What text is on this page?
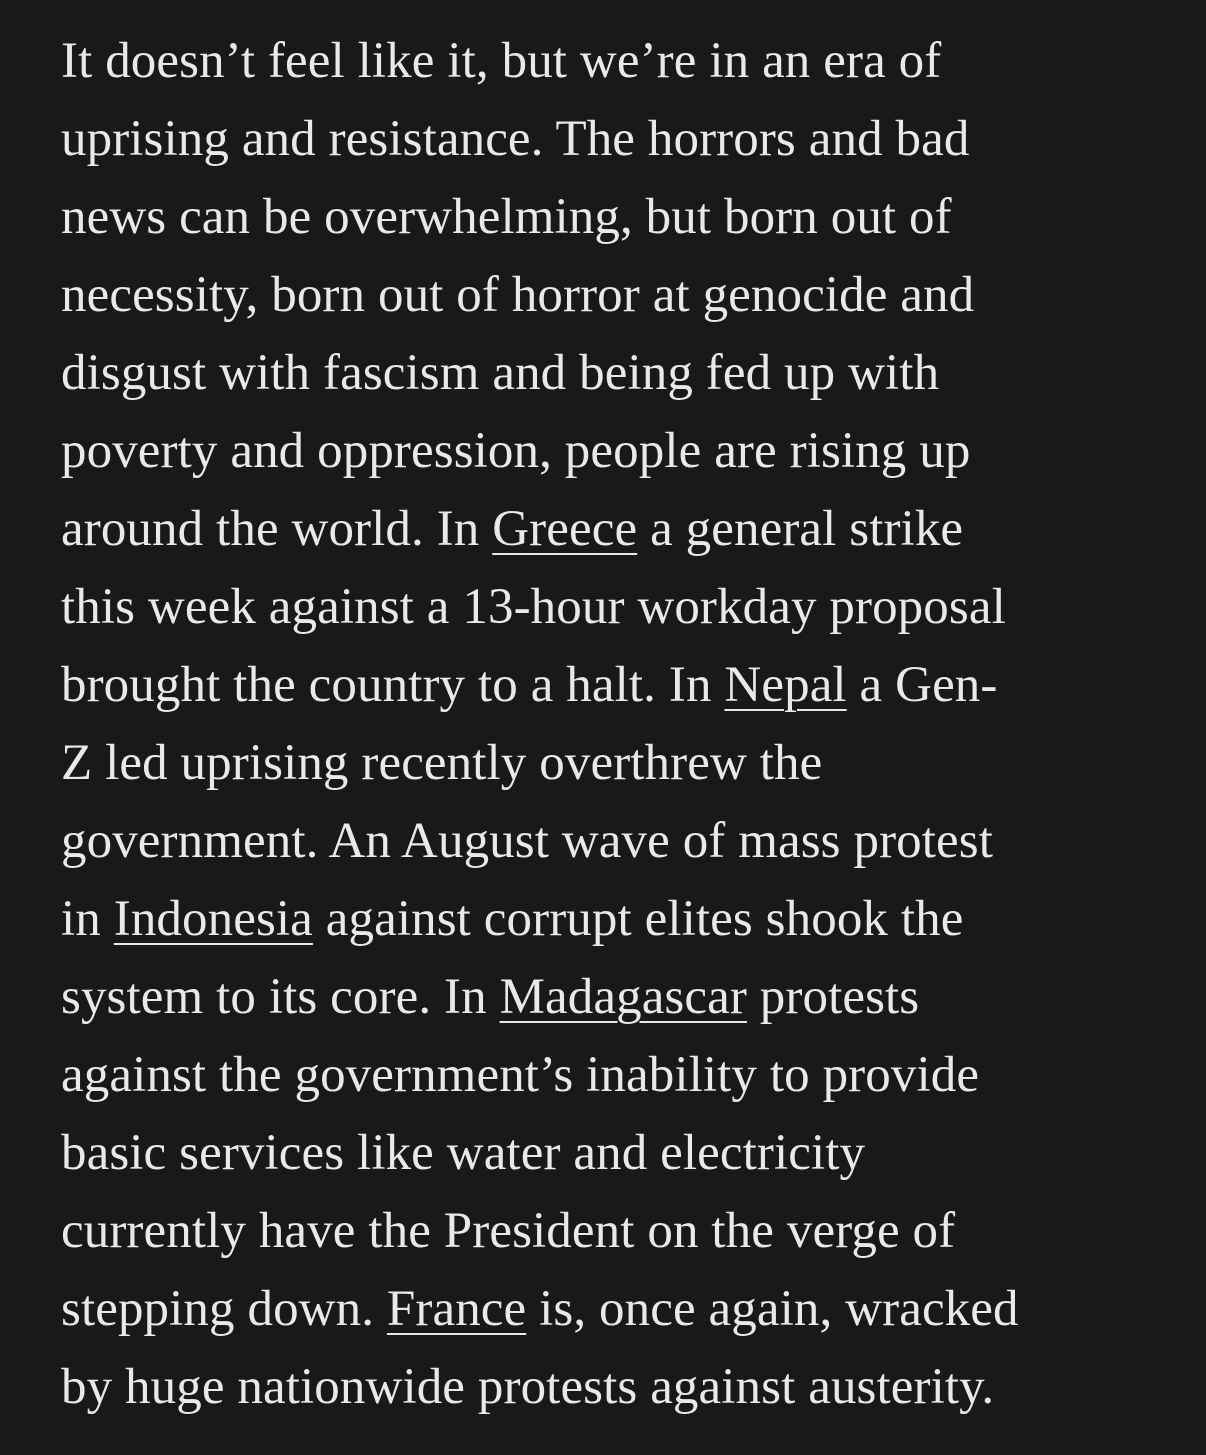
It doesn’t feel like it, but we’re in an era of
uprising and resistance. The horrors and bad
news can be overwhelming, but born out of
necessity, born out of horror at genocide and
disgust with fascism and being fed up with
poverty and oppression, people are rising up
around the world. In Greece a general strike
this week against a 13-hour workday proposal
brought the country to a halt. In Nepal a Gen-
Z led uprising recently overthrew the
government. An August wave of mass protest
in Indonesia against corrupt elites shook the
system to its core. In Madagascar protests
against the government’s inability to provide
basic services like water and electricity
currently have the President on the verge of
stepping down. France is, once again, wracked
by huge nationwide protests against austerity.
